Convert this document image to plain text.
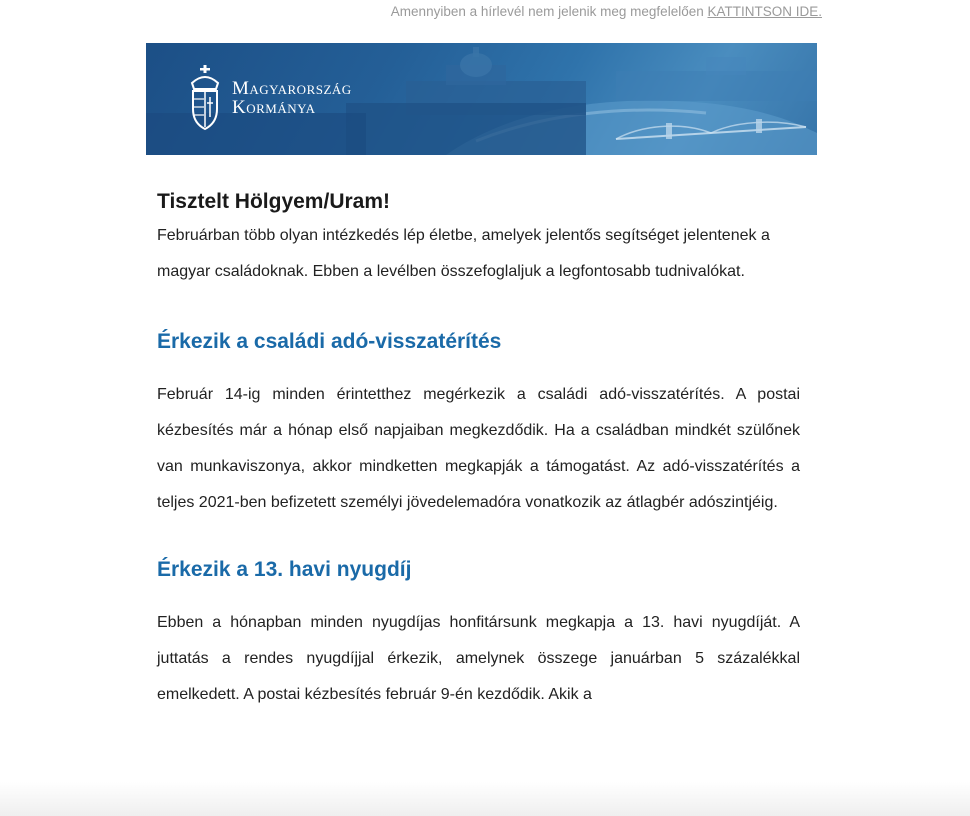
Amennyiben a hírlevél nem jelenik meg megfelelően KATTINTSON IDE.
Magyarország
Kormánya
Tisztelt Hölgyem/Uram!

Februárban több olyan intézkedés lép életbe, amelyek jelentős segítséget jelentenek a magyar családoknak. Ebben a levélben összefoglaljuk a legfontosabb tudnivalókat.

Érkezik a családi adó-visszatérítés

Február 14-ig minden érintetthez megérkezik a családi adó-visszatérítés. A postai kézbesítés már a hónap első napjaiban megkezdődik. Ha a családban mindkét szülőnek van munkaviszonya, akkor mindketten megkapják a támogatást. Az adó-visszatérítés a teljes 2021-ben befizetett személyi jövedelemadóra vonatkozik az átlagbér adószintjéig.

Érkezik a 13. havi nyugdíj

Ebben a hónapban minden nyugdíjas honfitársunk megkapja a 13. havi nyugdíját. A juttatás a rendes nyugdíjjal érkezik, amelynek összege januárban 5 százalékkal emelkedett. A postai kézbesítés február 9-én kezdődik. Akik a
